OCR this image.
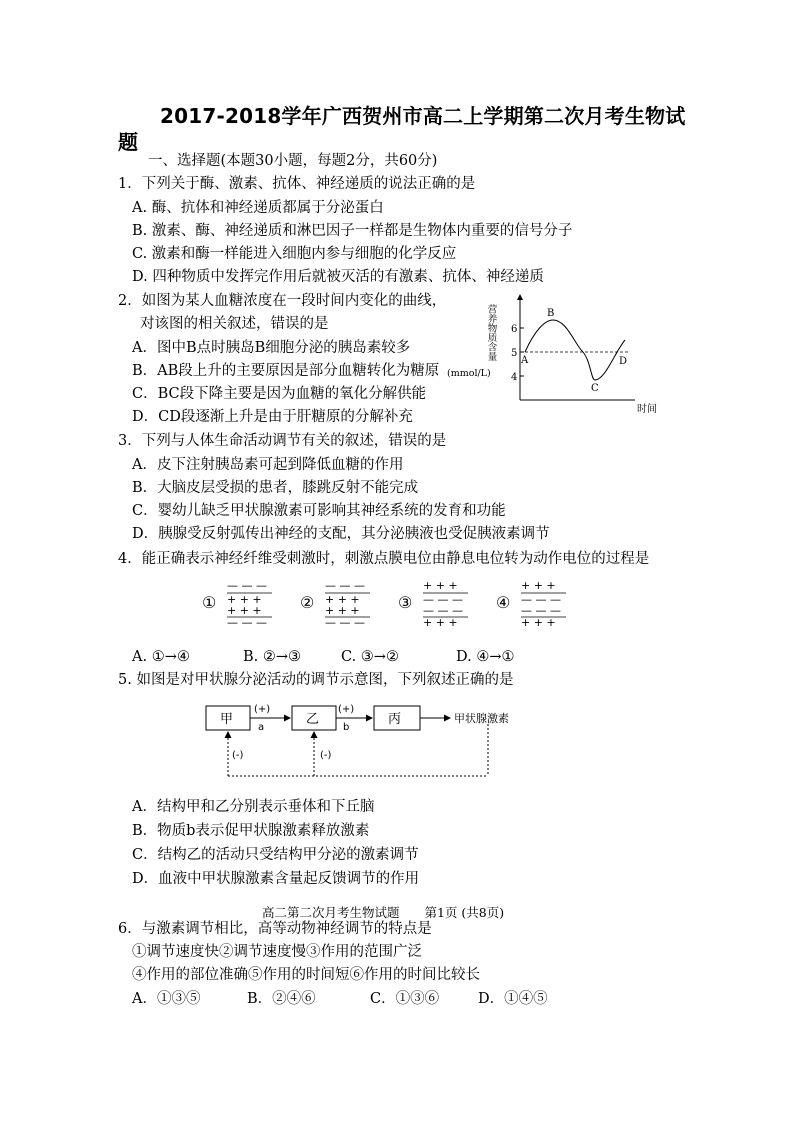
2017-2018学年广西贺州市高二上学期第二次月考生物试
题
一、选择题(本题30小题，每题2分，共60分)
1．下列关于酶、激素、抗体、神经递质的说法正确的是
A. 酶、抗体和神经递质都属于分泌蛋白
B. 激素、酶、神经递质和淋巴因子一样都是生物体内重要的信号分子
C. 激素和酶一样能进入细胞内参与细胞的化学反应
D. 四种物质中发挥完作用后就被灭活的有激素、抗体、神经递质
2．如图为某人血糖浓度在一段时间内变化的曲线，
对该图的相关叙述，错误的是
A．图中B点时胰岛B细胞分泌的胰岛素较多
B．AB段上升的主要原因是部分血糖转化为糖原
C．BC段下降主要是因为血糖的氧化分解供能
D．CD段逐渐上升是由于肝糖原的分解补充
6
5
4
A
B
C
D
营养物质含量
(mmol/L)
时间
3．下列与人体生命活动调节有关的叙述，错误的是
A．皮下注射胰岛素可起到降低血糖的作用
B．大脑皮层受损的患者，膝跳反射不能完成
C．婴幼儿缺乏甲状腺激素可影响其神经系统的发育和功能
D．胰腺受反射弧传出神经的支配，其分泌胰液也受促胰液素调节
4．能正确表示神经纤维受刺激时，刺激点膜电位由静息电位转为动作电位的过程是
①
— — —
+ + +
+ + +
— — —
②
— — —
+ + +
+ + +
— — —
③
+ + +
— — —
— — —
+ + +
④
+ + +
— — —
— — —
+ + +
A. ①→④	B. ②→③	C. ③→②	D. ④→①
5. 如图是对甲状腺分泌活动的调节示意图，下列叙述正确的是
甲	乙	丙
(+)
a
(+)
b
甲状腺激素
(-)	(-)
A．结构甲和乙分别表示垂体和下丘脑
B．物质b表示促甲状腺激素释放激素
C．结构乙的活动只受结构甲分泌的激素调节
D．血液中甲状腺激素含量起反馈调节的作用
高二第二次月考生物试题　　第1页 (共8页)
6．与激素调节相比，高等动物神经调节的特点是
①调节速度快②调节速度慢③作用的范围广泛
④作用的部位准确⑤作用的时间短⑥作用的时间比较长
A．①③⑤	B．②④⑥	C．①③⑥	D．①④⑤
